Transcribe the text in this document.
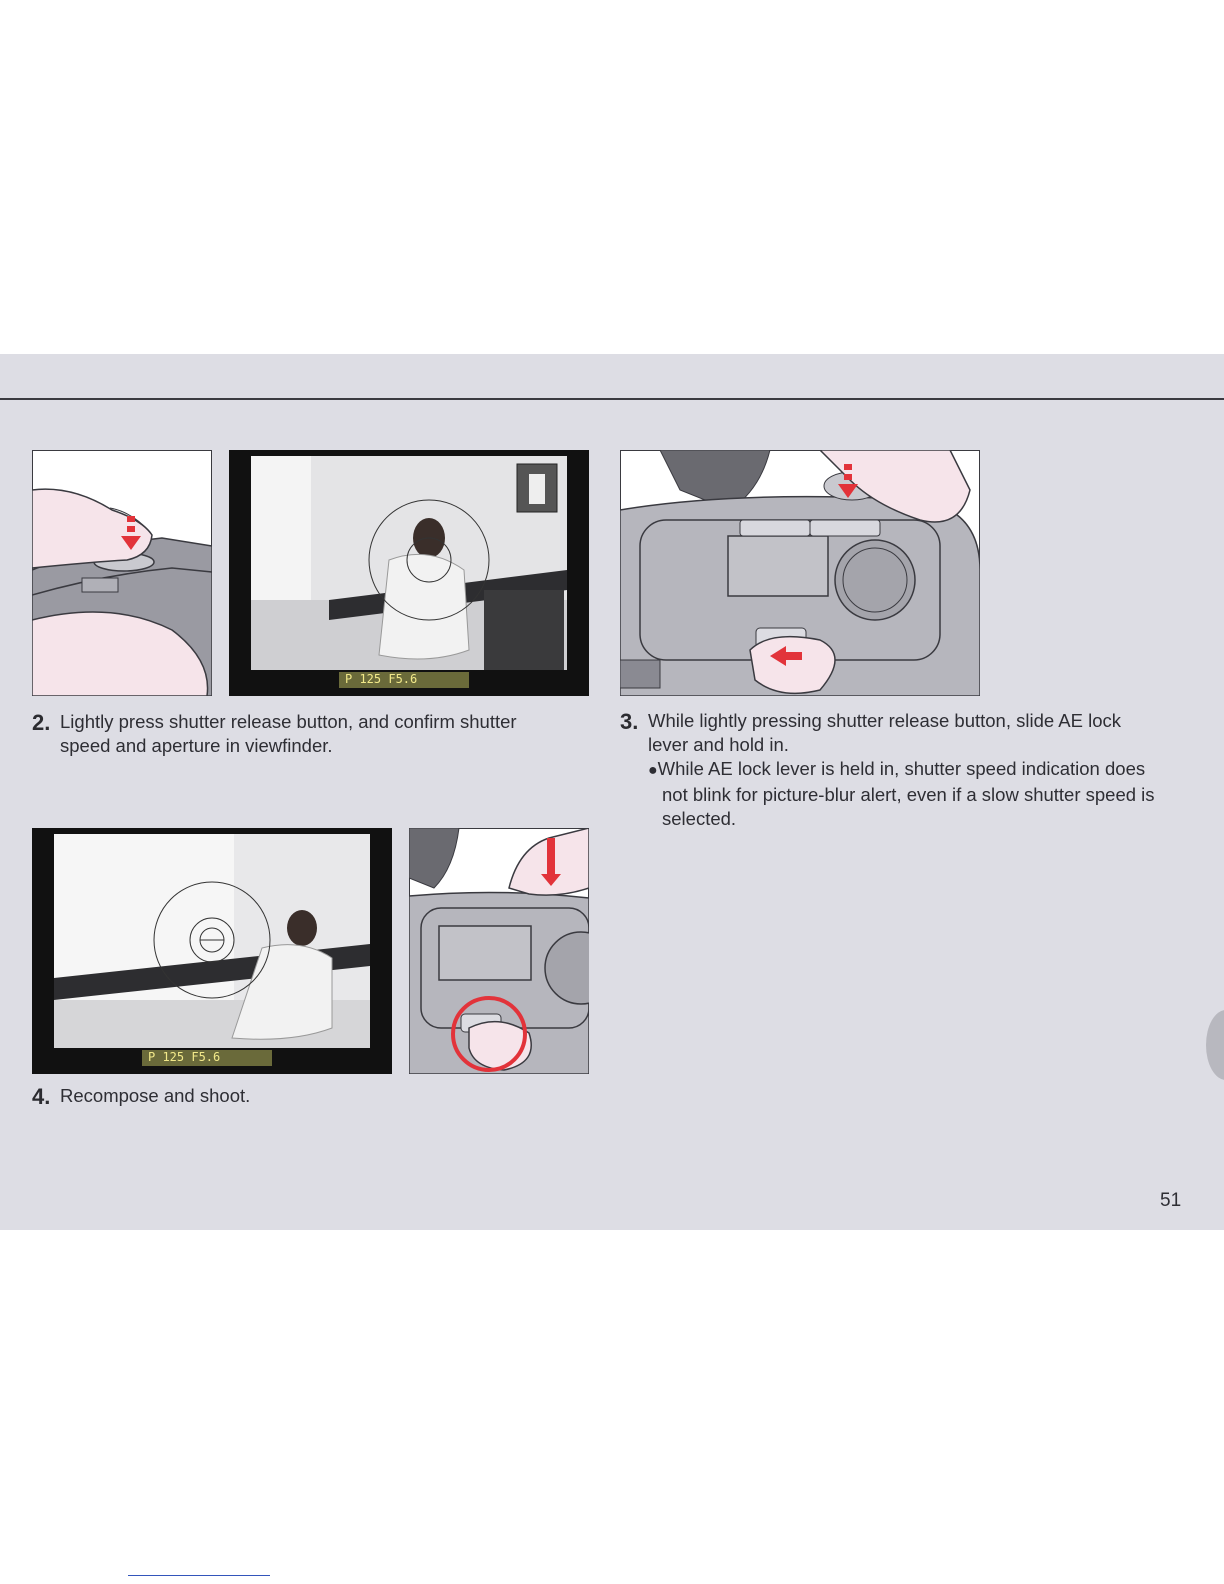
P 125 F5.6
P 125 F5.6
2. Lightly press shutter release button, and confirm shutter speed and aperture in viewfinder.
3. While lightly pressing shutter release button, slide AE lock lever and hold in.
●While AE lock lever is held in, shutter speed indication does not blink for picture-blur alert, even if a slow shutter speed is selected.
4. Recompose and shoot.
51
